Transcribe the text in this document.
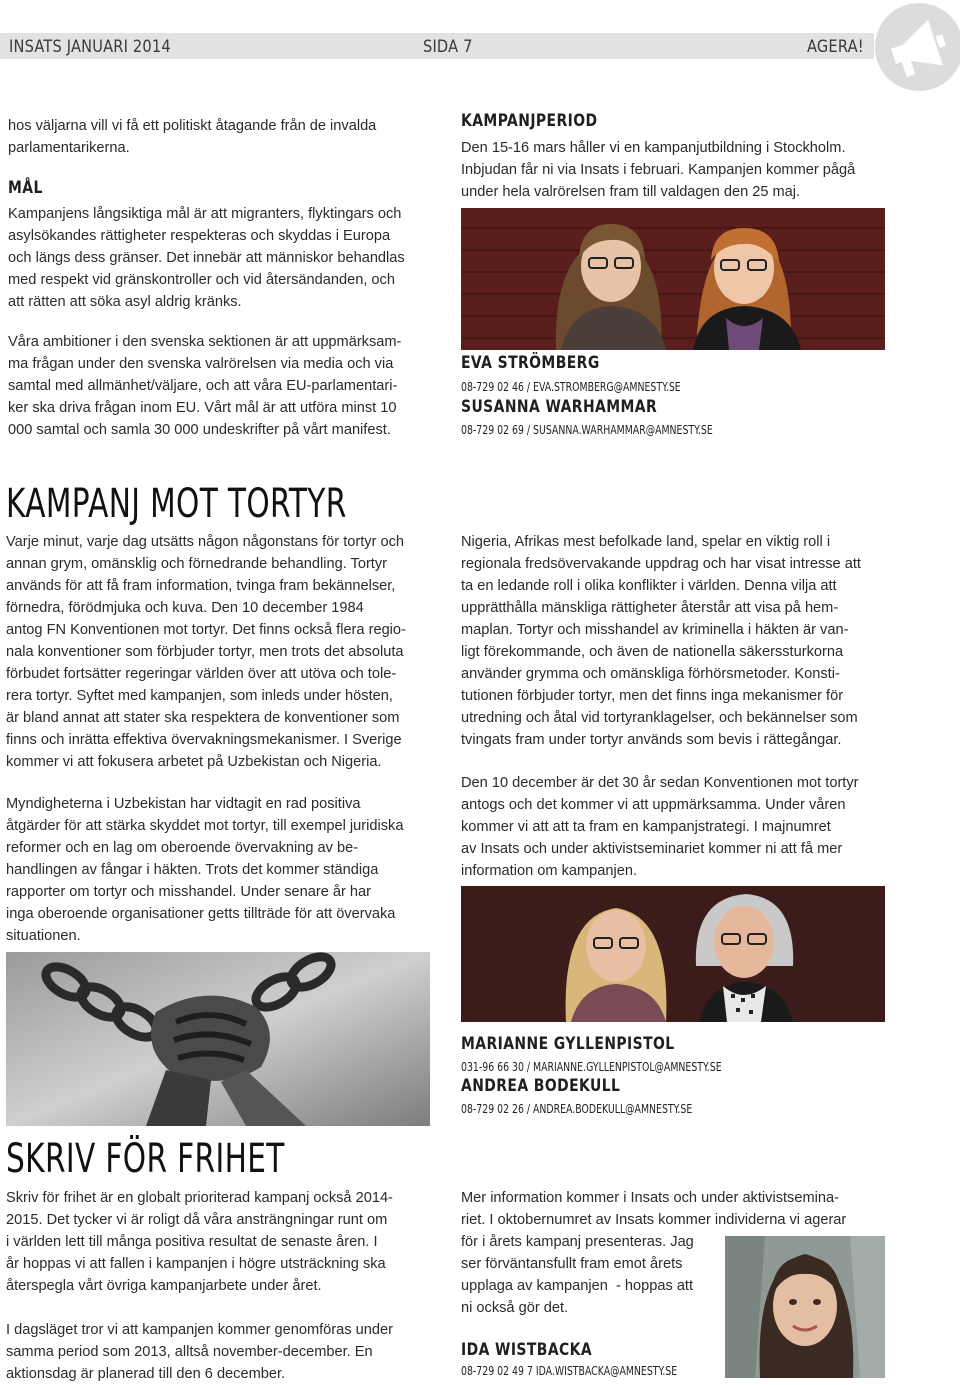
INSATS JANUARI 2014	SIDA 7	AGERA!
hos väljarna vill vi få ett politiskt åtagande från de invalda
parlamentarikerna.
MÅL
Kampanjens långsiktiga mål är att migranters, flyktingars och
asylsökandes rättigheter respekteras och skyddas i Europa
och längs dess gränser. Det innebär att människor behandlas
med respekt vid gränskontroller och vid återsändanden, och
att rätten att söka asyl aldrig kränks.
Våra ambitioner i den svenska sektionen är att uppmärksam-
ma frågan under den svenska valrörelsen via media och via
samtal med allmänhet/väljare, och att våra EU-parlamentari-
ker ska driva frågan inom EU. Vårt mål är att utföra minst 10
000 samtal och samla 30 000 undeskrifter på vårt manifest.
KAMPANJPERIOD
Den 15-16 mars håller vi en kampanjutbildning i Stockholm.
Inbjudan får ni via Insats i februari. Kampanjen kommer pågå
under hela valrörelsen fram till valdagen den 25 maj.
EVA STRÖMBERG
08-729 02 46 / EVA.STROMBERG@AMNESTY.SE
SUSANNA WARHAMMAR
08-729 02 69 / SUSANNA.WARHAMMAR@AMNESTY.SE
KAMPANJ MOT TORTYR
Varje minut, varje dag utsätts någon någonstans för tortyr och
annan grym, omänsklig och förnedrande behandling. Tortyr
används för att få fram information, tvinga fram bekännelser,
förnedra, förödmjuka och kuva. Den 10 december 1984
antog FN Konventionen mot tortyr. Det finns också flera regio-
nala konventioner som förbjuder tortyr, men trots det absoluta
förbudet fortsätter regeringar världen över att utöva och tole-
rera tortyr. Syftet med kampanjen, som inleds under hösten,
är bland annat att stater ska respektera de konventioner som
finns och inrätta effektiva övervakningsmekanismer. I Sverige
kommer vi att fokusera arbetet på Uzbekistan och Nigeria.
Myndigheterna i Uzbekistan har vidtagit en rad positiva
åtgärder för att stärka skyddet mot tortyr, till exempel juridiska
reformer och en lag om oberoende övervakning av be-
handlingen av fångar i häkten. Trots det kommer ständiga
rapporter om tortyr och misshandel. Under senare år har
inga oberoende organisationer getts tillträde för att övervaka
situationen.
Nigeria, Afrikas mest befolkade land, spelar en viktig roll i
regionala fredsövervakande uppdrag och har visat intresse att
ta en ledande roll i olika konflikter i världen. Denna vilja att
upprätthålla mänskliga rättigheter återstår att visa på hem-
maplan. Tortyr och misshandel av kriminella i häkten är van-
ligt förekommande, och även de nationella säkerssturkorna
använder grymma och omänskliga förhörsmetoder. Konsti-
tutionen förbjuder tortyr, men det finns inga mekanismer för
utredning och åtal vid tortyranklagelser, och bekännelser som
tvingats fram under tortyr används som bevis i rättegångar.
Den 10 december är det 30 år sedan Konventionen mot tortyr
antogs och det kommer vi att uppmärksamma. Under våren
kommer vi att att ta fram en kampanjstrategi. I majnumret
av Insats och under aktivistseminariet kommer ni att få mer
information om kampanjen.
MARIANNE GYLLENPISTOL
031-96 66 30 / MARIANNE.GYLLENPISTOL@AMNESTY.SE
ANDREA BODEKULL
08-729 02 26 / ANDREA.BODEKULL@AMNESTY.SE
SKRIV FÖR FRIHET
Skriv för frihet är en globalt prioriterad kampanj också 2014-
2015. Det tycker vi är roligt då våra ansträngningar runt om
i världen lett till många positiva resultat de senaste åren. I
år hoppas vi att fallen i kampanjen i högre utsträckning ska
återspegla vårt övriga kampanjarbete under året.
I dagsläget tror vi att kampanjen kommer genomföras under
samma period som 2013, alltså november-december. En
aktionsdag är planerad till den 6 december.
Mer information kommer i Insats och under aktivistsemina-
riet. I oktobernumret av Insats kommer individerna vi agerar
för i årets kampanj presenteras. Jag
ser förväntansfullt fram emot årets
upplaga av kampanjen  - hoppas att
ni också gör det.
IDA WISTBACKA
08-729 02 49 7 IDA.WISTBACKA@AMNESTY.SE
